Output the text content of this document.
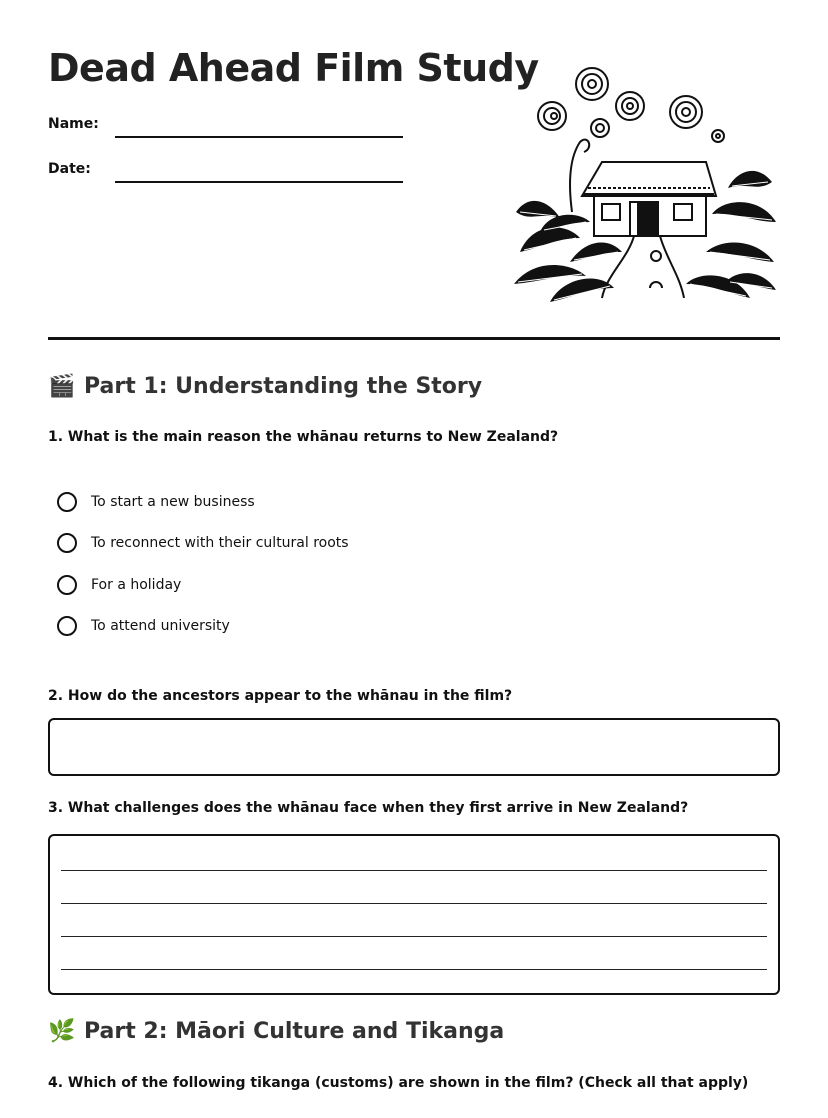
Dead Ahead Film Study
Name:
Date:
🎬 Part 1: Understanding the Story

1. What is the main reason the whānau returns to New Zealand?

To start a new business
To reconnect with their cultural roots
For a holiday
To attend university

2. How do the ancestors appear to the whānau in the film?

3. What challenges does the whānau face when they first arrive in New Zealand?

🌿 Part 2: Māori Culture and Tikanga

4. Which of the following tikanga (customs) are shown in the film? (Check all that apply)
